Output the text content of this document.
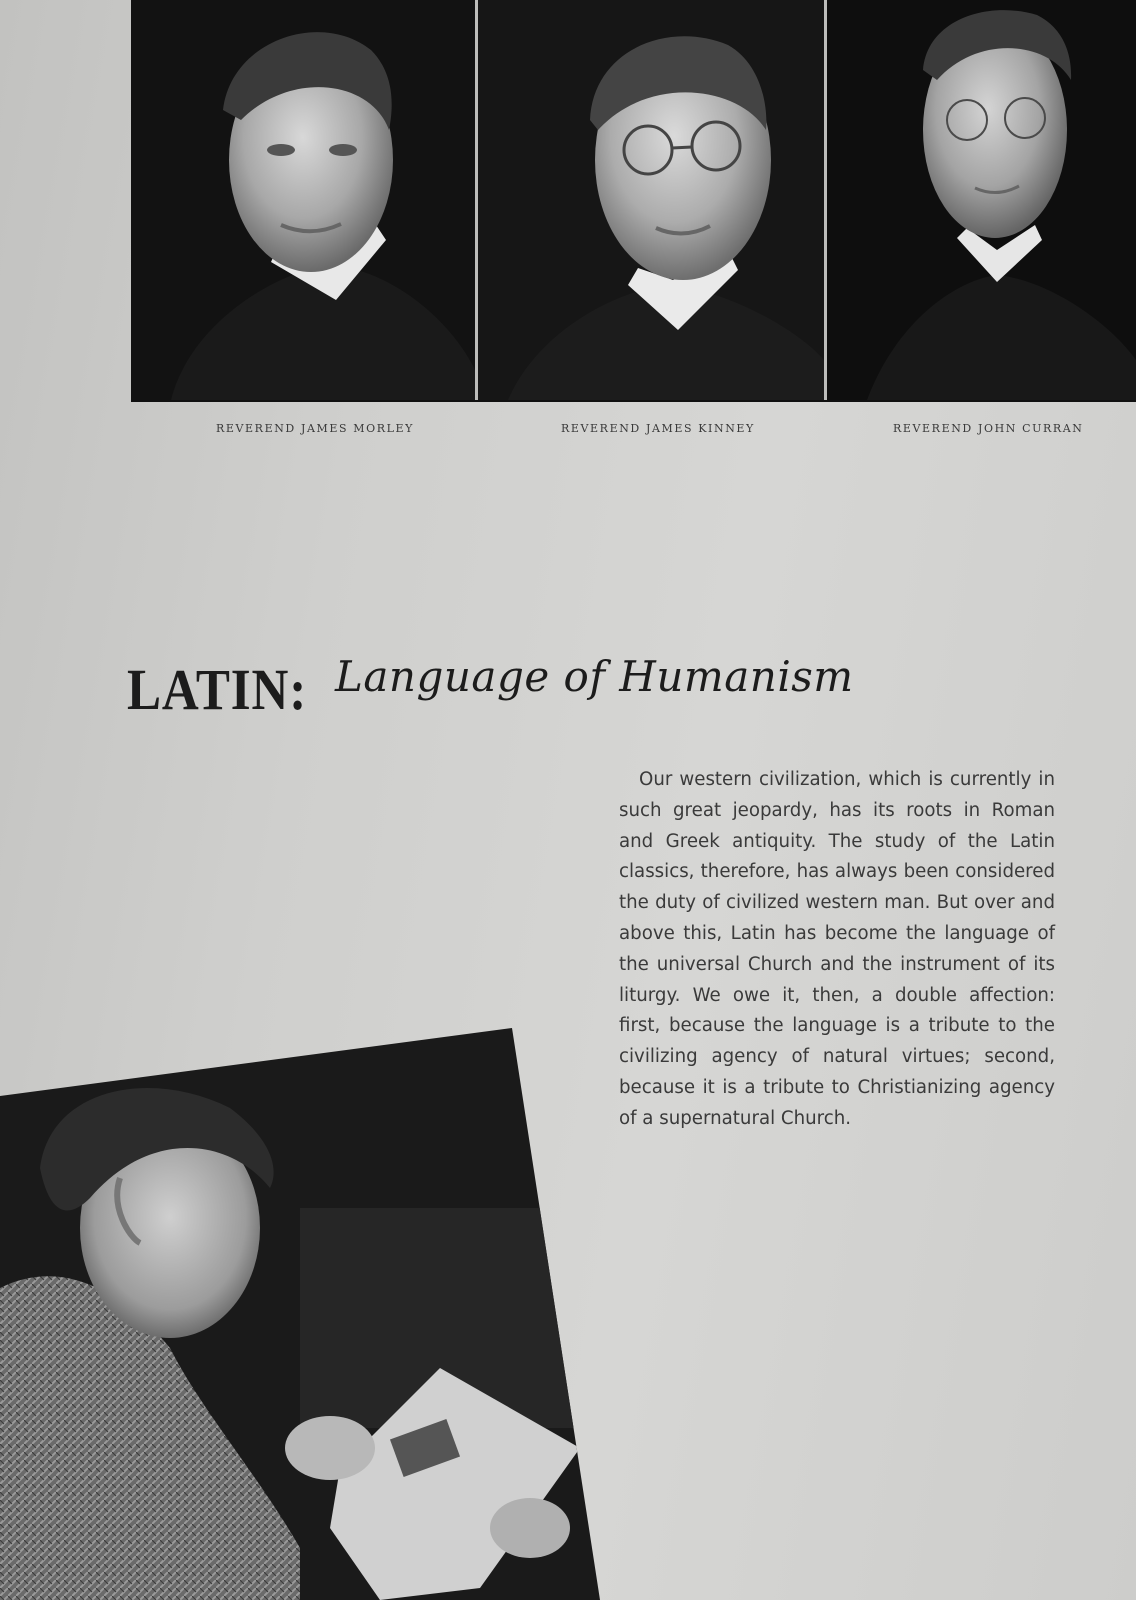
REVEREND JAMES MORLEY	REVEREND JAMES KINNEY	REVEREND JOHN CURRAN
LATIN: Language of Humanism
Our western civilization, which is currently in such great jeopardy, has its roots in Roman and Greek antiquity. The study of the Latin classics, therefore, has always been considered the duty of civilized western man. But over and above this, Latin has become the language of the universal Church and the instrument of its liturgy. We owe it, then, a double affection: first, because the language is a tribute to the civilizing agency of natural virtues; second, because it is a tribute to Christianizing agency of a supernatural Church.
